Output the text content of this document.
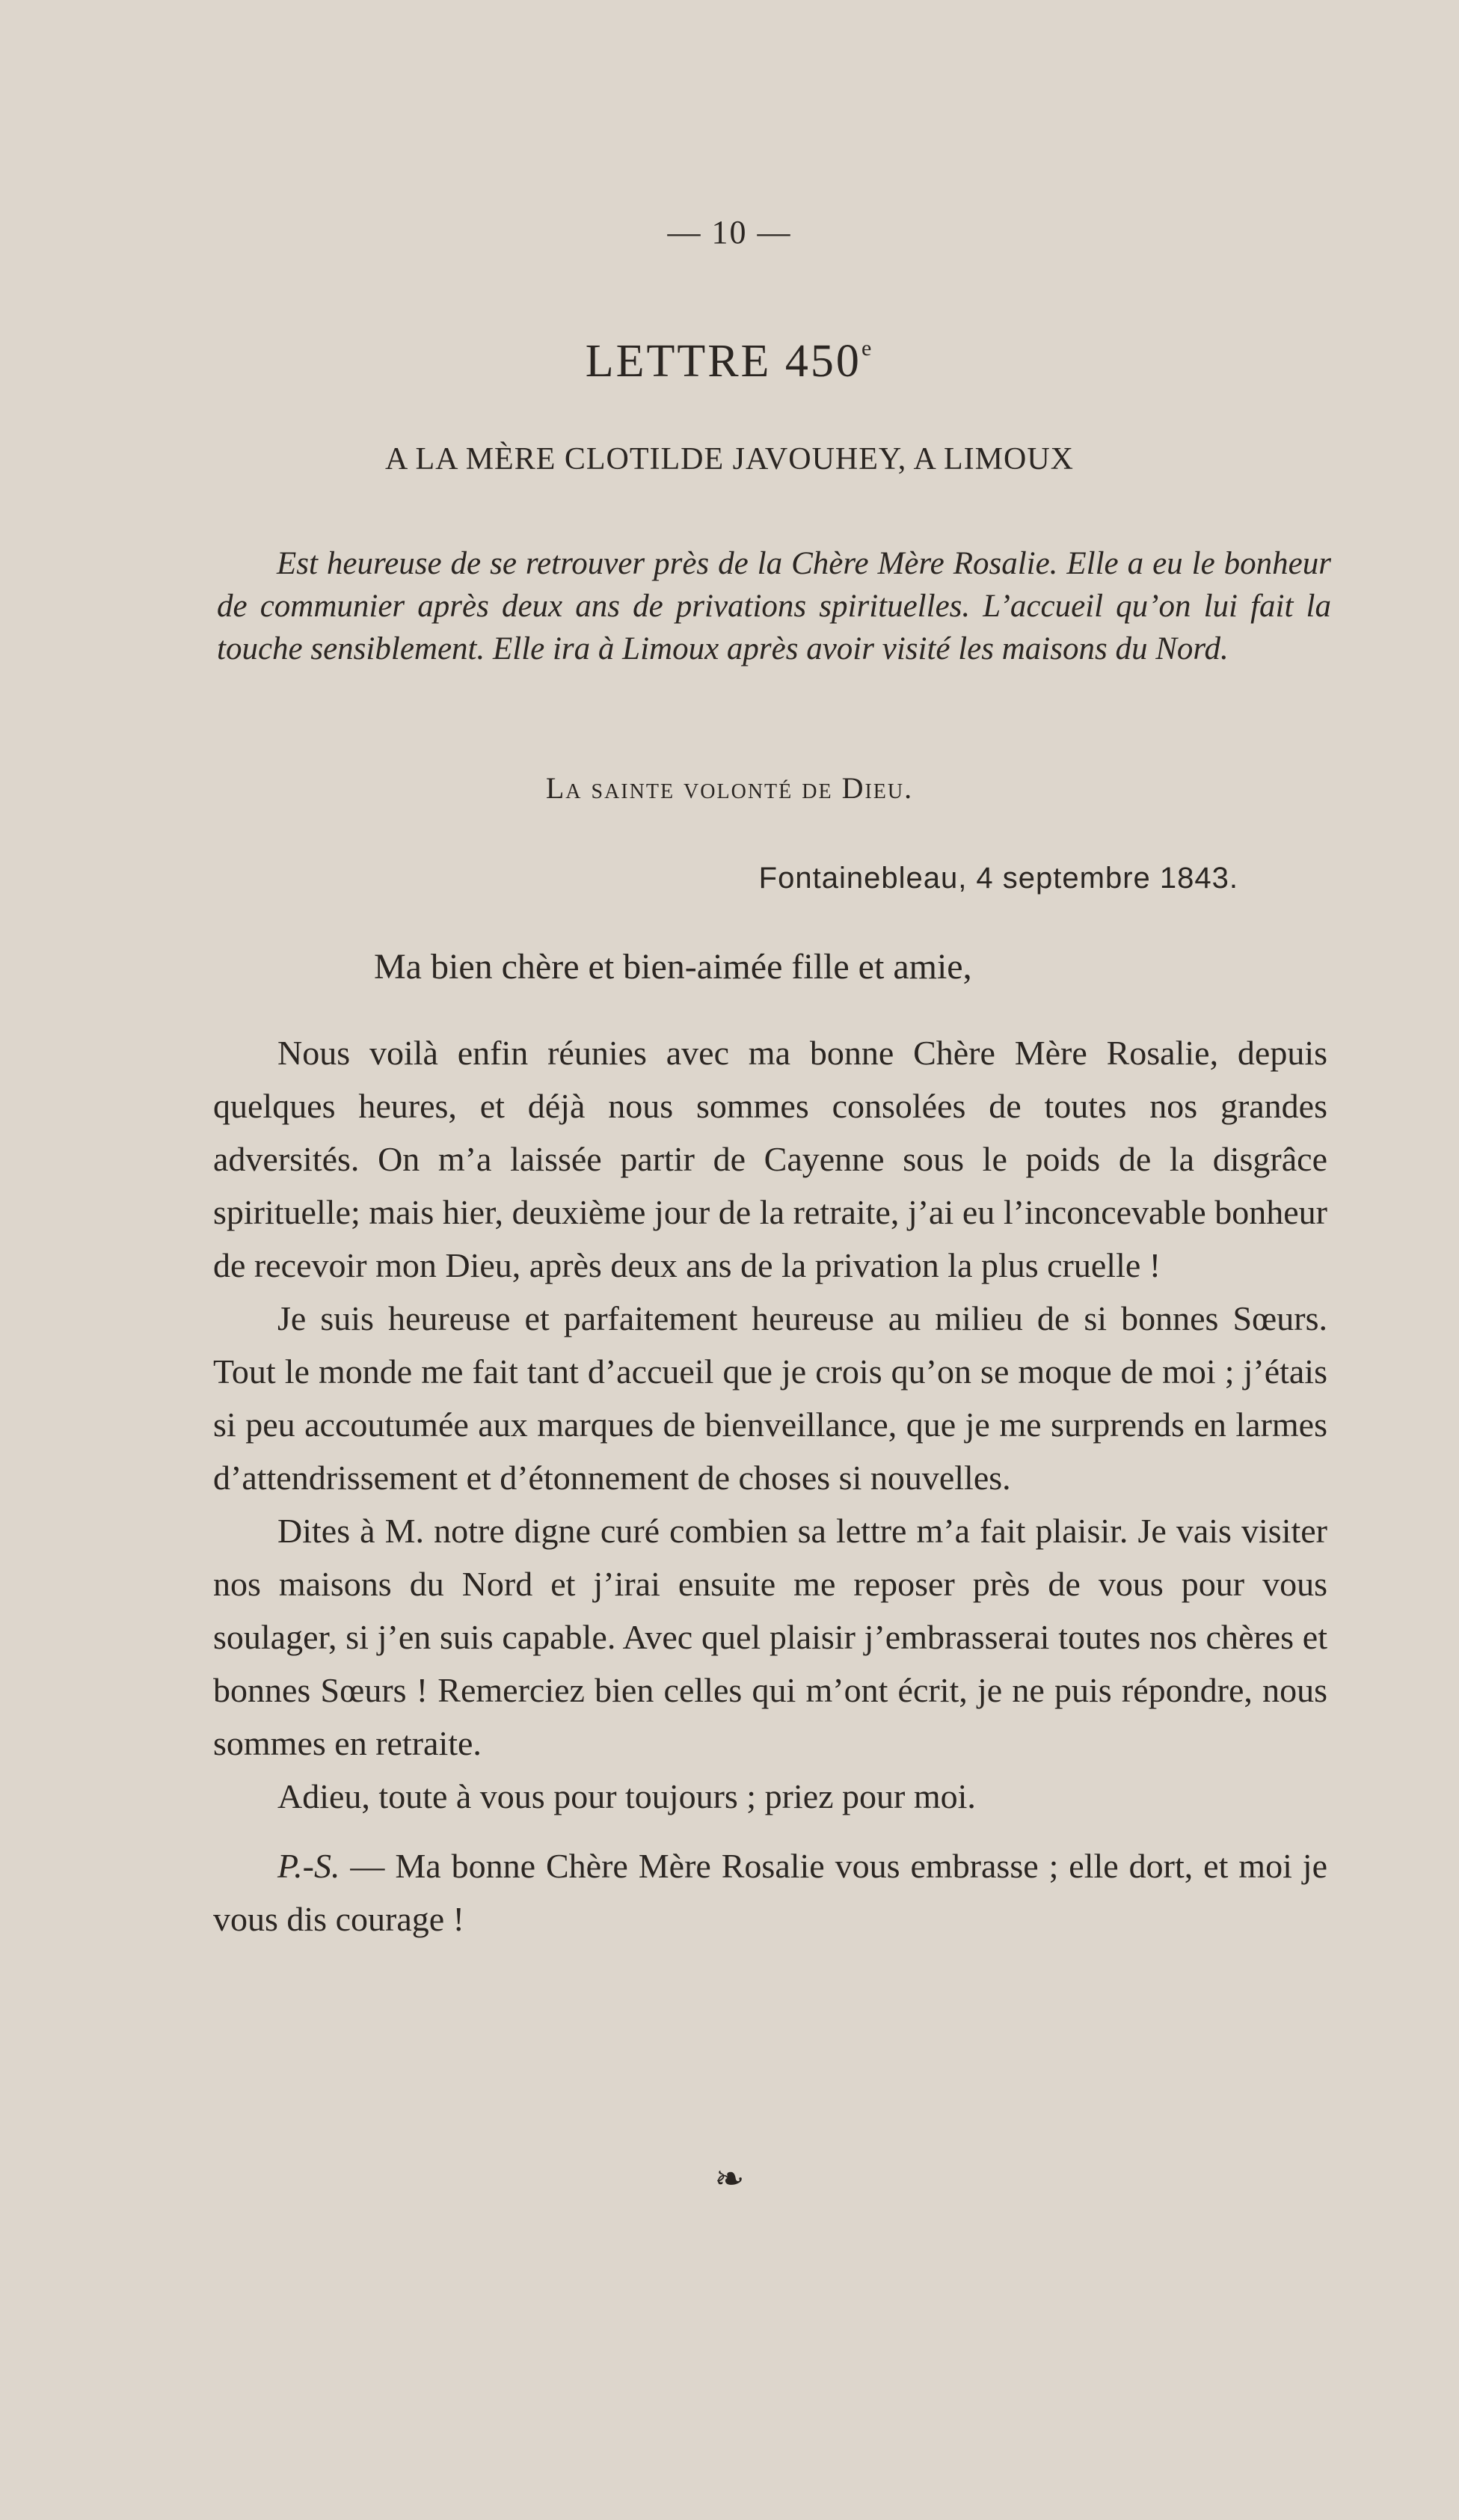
— 10 —
LETTRE 450e
A LA MÈRE CLOTILDE JAVOUHEY, A LIMOUX

Est heureuse de se retrouver près de la Chère Mère Rosalie. Elle a eu le bonheur de communier après deux ans de privations spirituelles. L’accueil qu’on lui fait la touche sensiblement. Elle ira à Limoux après avoir visité les maisons du Nord.

La sainte volonté de Dieu.
Fontainebleau, 4 septembre 1843.
Ma bien chère et bien-aimée fille et amie,

Nous voilà enfin réunies avec ma bonne Chère Mère Rosalie, depuis quelques heures, et déjà nous sommes consolées de toutes nos grandes adversités. On m’a laissée partir de Cayenne sous le poids de la disgrâce spirituelle; mais hier, deuxième jour de la retraite, j’ai eu l’inconcevable bonheur de recevoir mon Dieu, après deux ans de la privation la plus cruelle !

Je suis heureuse et parfaitement heureuse au milieu de si bonnes Sœurs. Tout le monde me fait tant d’accueil que je crois qu’on se moque de moi ; j’étais si peu accoutumée aux marques de bienveillance, que je me surprends en larmes d’attendrissement et d’étonnement de choses si nouvelles.

Dites à M. notre digne curé combien sa lettre m’a fait plaisir. Je vais visiter nos maisons du Nord et j’irai ensuite me reposer près de vous pour vous soulager, si j’en suis capable. Avec quel plaisir j’embrasserai toutes nos chères et bonnes Sœurs ! Remerciez bien celles qui m’ont écrit, je ne puis répondre, nous sommes en retraite.

Adieu, toute à vous pour toujours ; priez pour moi.

P.-S. — Ma bonne Chère Mère Rosalie vous embrasse ; elle dort, et moi je vous dis courage !

❧
